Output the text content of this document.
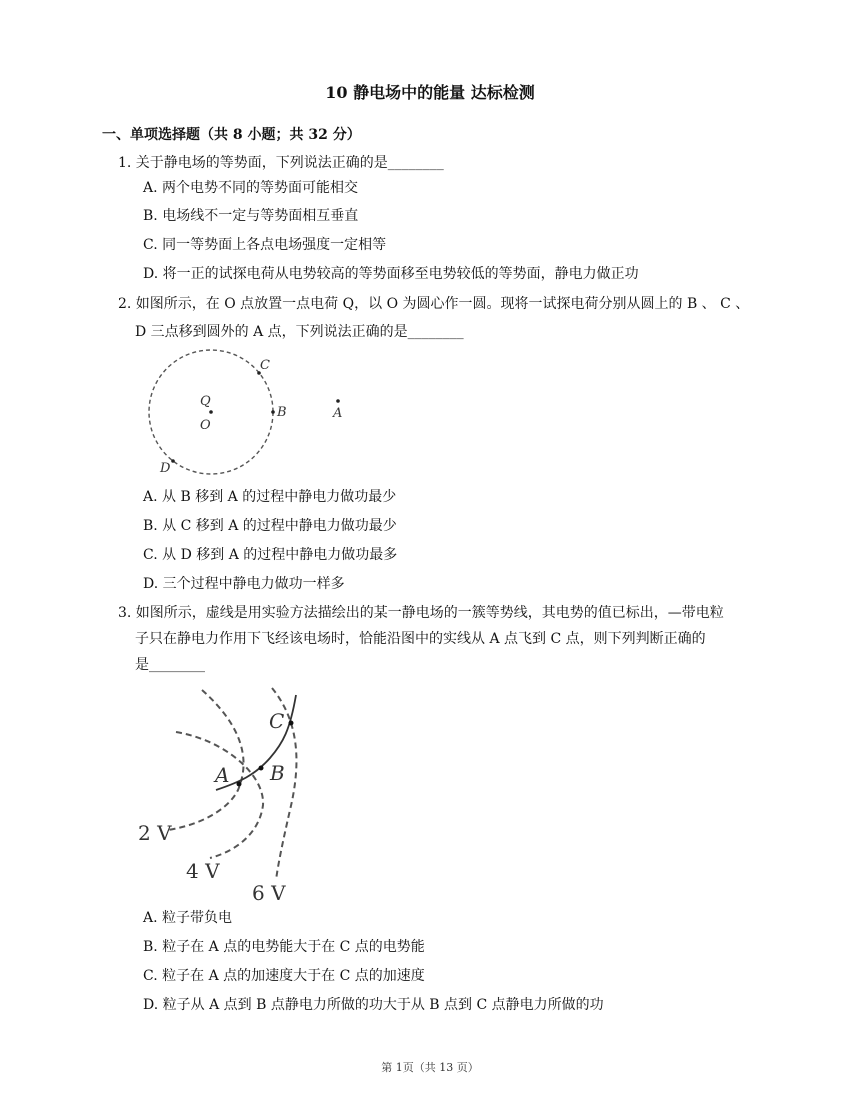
10 静电场中的能量 达标检测
一、单项选择题（共 8 小题；共 32 分）
1. 关于静电场的等势面，下列说法正确的是________
A. 两个电势不同的等势面可能相交
B. 电场线不一定与等势面相互垂直
C. 同一等势面上各点电场强度一定相等
D. 将一正的试探电荷从电势较高的等势面移至电势较低的等势面，静电力做正功
2. 如图所示，在 O 点放置一点电荷 Q，以 O 为圆心作一圆。现将一试探电荷分别从圆上的 B 、 C 、
D 三点移到圆外的 A 点，下列说法正确的是________
C
Q
O
B
D
A
A. 从 B 移到 A 的过程中静电力做功最少
B. 从 C 移到 A 的过程中静电力做功最少
C. 从 D 移到 A 的过程中静电力做功最多
D. 三个过程中静电力做功一样多
3. 如图所示，虚线是用实验方法描绘出的某一静电场的一簇等势线，其电势的值已标出，—带电粒
子只在静电力作用下飞经该电场时，恰能沿图中的实线从 A 点飞到 C 点，则下列判断正确的
是________
C
A B
2 V
4 V
6 V
A. 粒子带负电
B. 粒子在 A 点的电势能大于在 C 点的电势能
C. 粒子在 A 点的加速度大于在 C 点的加速度
D. 粒子从 A 点到 B 点静电力所做的功大于从 B 点到 C 点静电力所做的功
第 1页（共 13 页）
